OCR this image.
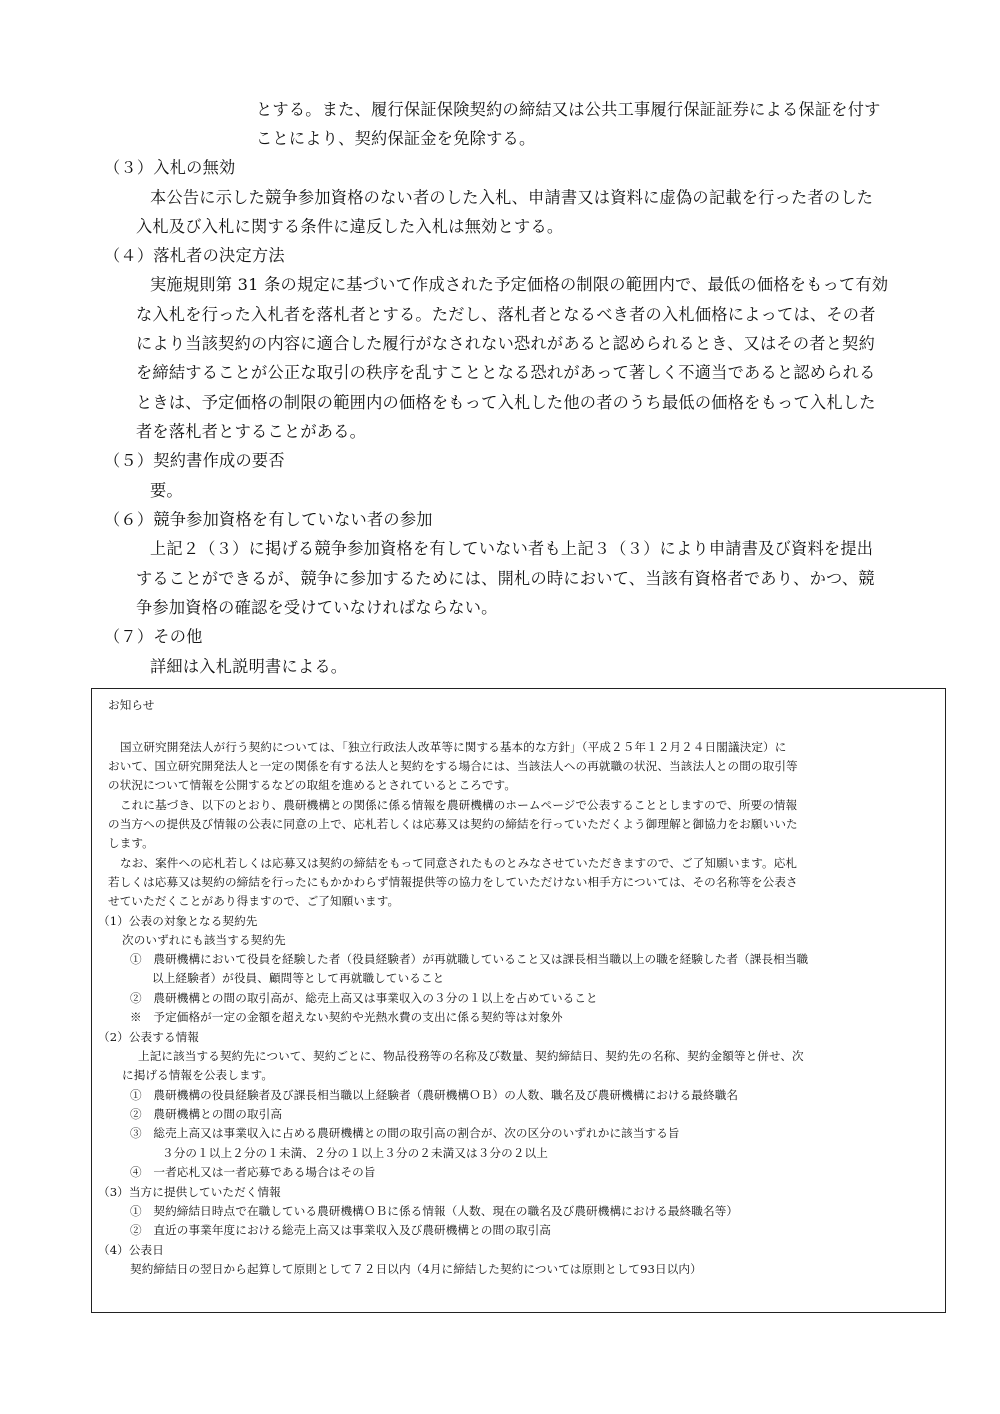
とする。また、履行保証保険契約の締結又は公共工事履行保証証券による保証を付す
ことにより、契約保証金を免除する。
（３）入札の無効
本公告に示した競争参加資格のない者のした入札、申請書又は資料に虚偽の記載を行った者のした
入札及び入札に関する条件に違反した入札は無効とする。
（４）落札者の決定方法
実施規則第 31 条の規定に基づいて作成された予定価格の制限の範囲内で、最低の価格をもって有効
な入札を行った入札者を落札者とする。ただし、落札者となるべき者の入札価格によっては、その者
により当該契約の内容に適合した履行がなされない恐れがあると認められるとき、又はその者と契約
を締結することが公正な取引の秩序を乱すこととなる恐れがあって著しく不適当であると認められる
ときは、予定価格の制限の範囲内の価格をもって入札した他の者のうち最低の価格をもって入札した
者を落札者とすることがある。
（５）契約書作成の要否
要。
（６）競争参加資格を有していない者の参加
上記２（３）に掲げる競争参加資格を有していない者も上記３（３）により申請書及び資料を提出
することができるが、競争に参加するためには、開札の時において、当該有資格者であり、かつ、競
争参加資格の確認を受けていなければならない。
（７）その他
詳細は入札説明書による。
お知らせ
国立研究開発法人が行う契約については、「独立行政法人改革等に関する基本的な方針」（平成２５年１２月２４日閣議決定）に
おいて、国立研究開発法人と一定の関係を有する法人と契約をする場合には、当該法人への再就職の状況、当該法人との間の取引等
の状況について情報を公開するなどの取組を進めるとされているところです。
これに基づき、以下のとおり、農研機構との関係に係る情報を農研機構のホームページで公表することとしますので、所要の情報
の当方への提供及び情報の公表に同意の上で、応札若しくは応募又は契約の締結を行っていただくよう御理解と御協力をお願いいた
します。
なお、案件への応札若しくは応募又は契約の締結をもって同意されたものとみなさせていただきますので、ご了知願います。応札
若しくは応募又は契約の締結を行ったにもかかわらず情報提供等の協力をしていただけない相手方については、その名称等を公表さ
せていただくことがあり得ますので、ご了知願います。
（1）公表の対象となる契約先
次のいずれにも該当する契約先
①　農研機構において役員を経験した者（役員経験者）が再就職していること又は課長相当職以上の職を経験した者（課長相当職
以上経験者）が役員、顧問等として再就職していること
②　農研機構との間の取引高が、総売上高又は事業収入の３分の１以上を占めていること
※　予定価格が一定の金額を超えない契約や光熱水費の支出に係る契約等は対象外
（2）公表する情報
上記に該当する契約先について、契約ごとに、物品役務等の名称及び数量、契約締結日、契約先の名称、契約金額等と併せ、次
に掲げる情報を公表します。
①　農研機構の役員経験者及び課長相当職以上経験者（農研機構ＯＢ）の人数、職名及び農研機構における最終職名
②　農研機構との間の取引高
③　総売上高又は事業収入に占める農研機構との間の取引高の割合が、次の区分のいずれかに該当する旨
３分の１以上２分の１未満、２分の１以上３分の２未満又は３分の２以上
④　一者応札又は一者応募である場合はその旨
（3）当方に提供していただく情報
①　契約締結日時点で在職している農研機構ＯＢに係る情報（人数、現在の職名及び農研機構における最終職名等）
②　直近の事業年度における総売上高又は事業収入及び農研機構との間の取引高
（4）公表日
契約締結日の翌日から起算して原則として７２日以内（4月に締結した契約については原則として93日以内）
